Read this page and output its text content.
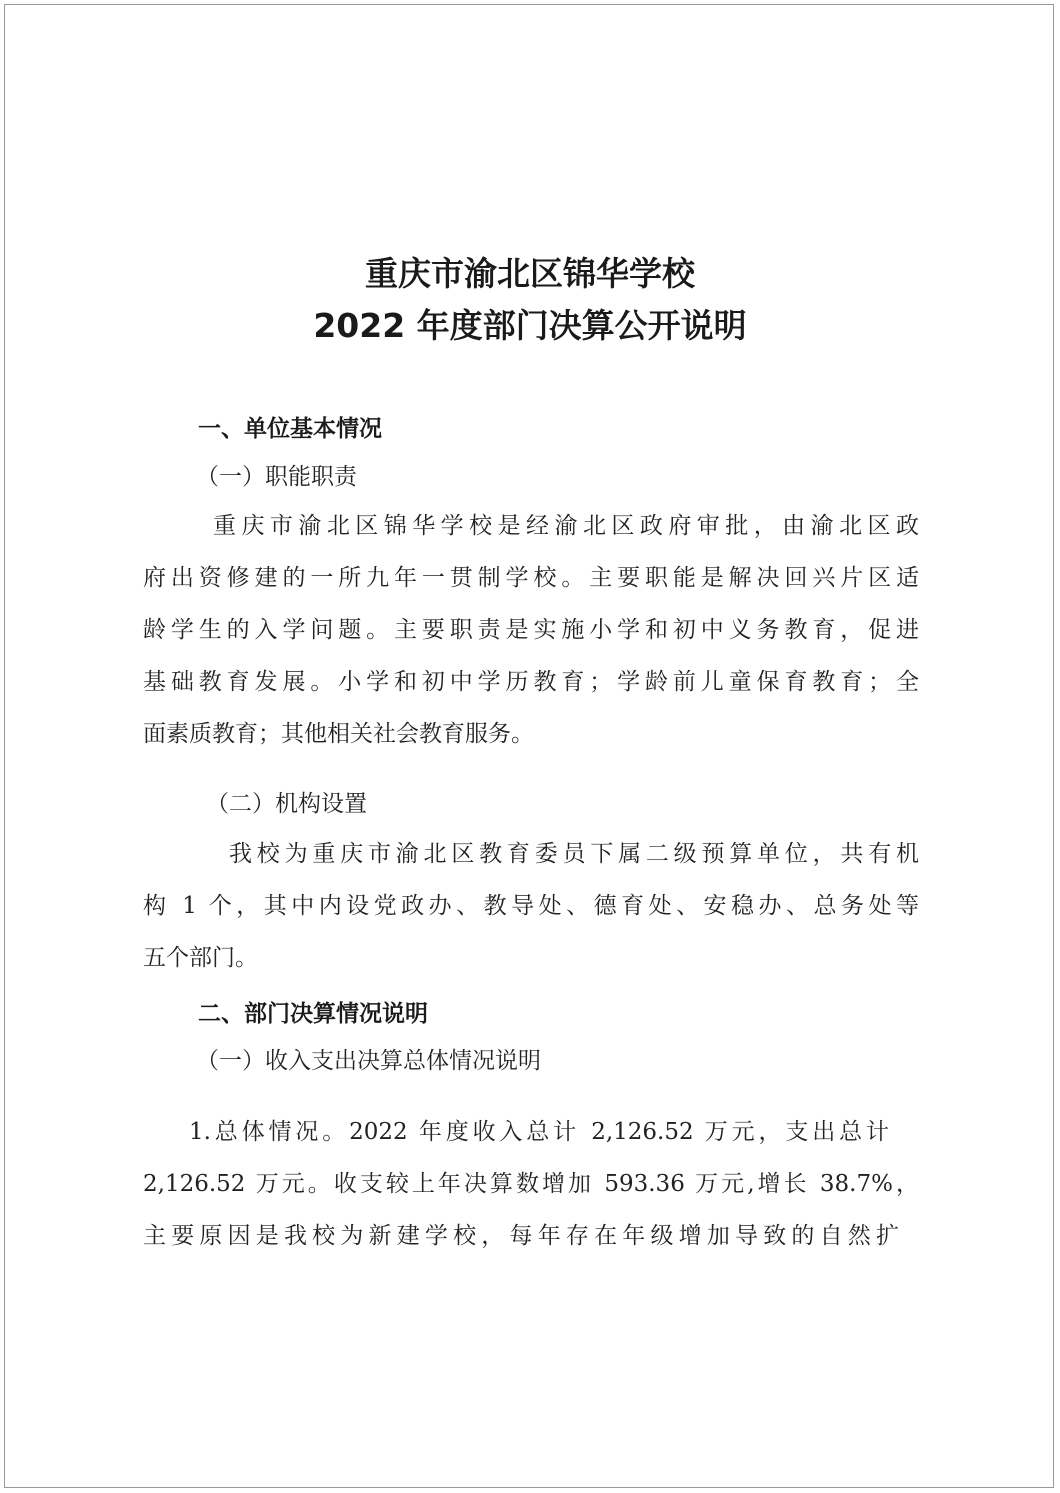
重庆市渝北区锦华学校
2022 年度部门决算公开说明
一、单位基本情况
（一）职能职责
重庆市渝北区锦华学校是经渝北区政府审批，由渝北区政
府出资修建的一所九年一贯制学校。主要职能是解决回兴片区适
龄学生的入学问题。主要职责是实施小学和初中义务教育，促进
基础教育发展。小学和初中学历教育；学龄前儿童保育教育；全
面素质教育；其他相关社会教育服务。
（二）机构设置
我校为重庆市渝北区教育委员下属二级预算单位，共有机
构 1 个，其中内设党政办、教导处、德育处、安稳办、总务处等
五个部门。
二、部门决算情况说明
（一）收入支出决算总体情况说明
1.总体情况。2022 年度收入总计 2,126.52 万元，支出总计
2,126.52 万元。收支较上年决算数增加 593.36 万元,增长 38.7%，
主要原因是我校为新建学校，每年存在年级增加导致的自然扩
